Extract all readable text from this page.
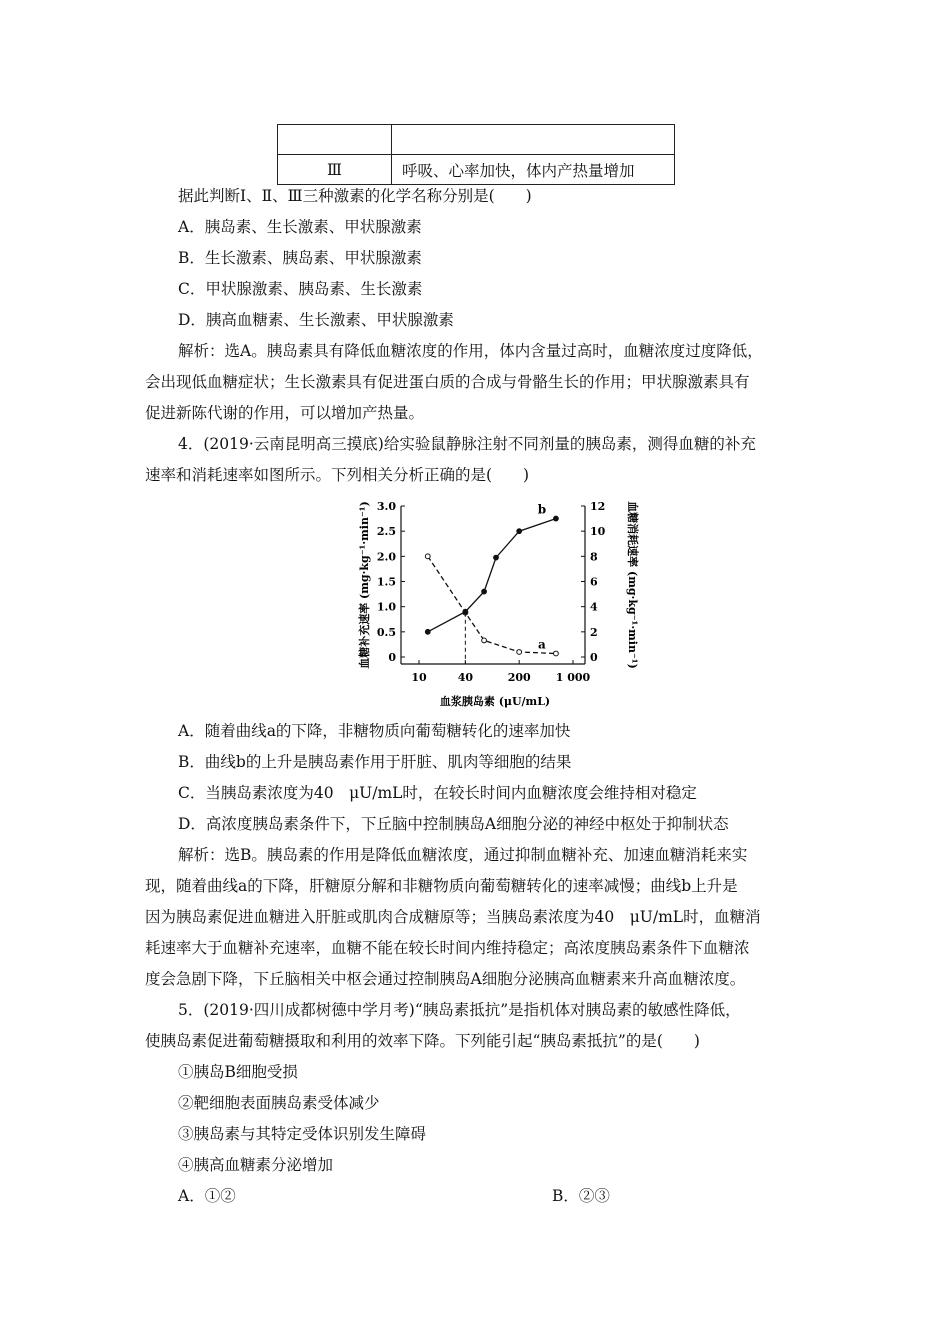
Ⅲ	呼吸、心率加快，体内产热量增加
据此判断Ⅰ、Ⅱ、Ⅲ三种激素的化学名称分别是(　　)
A．胰岛素、生长激素、甲状腺激素
B．生长激素、胰岛素、甲状腺激素
C．甲状腺激素、胰岛素、生长激素
D．胰高血糖素、生长激素、甲状腺激素
解析：选A。胰岛素具有降低血糖浓度的作用，体内含量过高时，血糖浓度过度降低，
会出现低血糖症状；生长激素具有促进蛋白质的合成与骨骼生长的作用；甲状腺激素具有
促进新陈代谢的作用，可以增加产热量。
4．(2019·云南昆明高三摸底)给实验鼠静脉注射不同剂量的胰岛素，测得血糖的补充
速率和消耗速率如图所示。下列相关分析正确的是(　　)
0
0.5
1.0
1.5
2.0
2.5
3.0
0
2
4
6
8
10
12
10	40	200 1 000
a
b
血糖补充速率 (mg·kg⁻¹·min⁻¹)	血糖消耗速率 (mg·kg⁻¹·min⁻¹)
血浆胰岛素 (μU/mL)
A．随着曲线a的下降，非糖物质向葡萄糖转化的速率加快
B．曲线b的上升是胰岛素作用于肝脏、肌肉等细胞的结果
C．当胰岛素浓度为40　μU/mL时，在较长时间内血糖浓度会维持相对稳定
D．高浓度胰岛素条件下，下丘脑中控制胰岛A细胞分泌的神经中枢处于抑制状态
解析：选B。胰岛素的作用是降低血糖浓度，通过抑制血糖补充、加速血糖消耗来实
现，随着曲线a的下降，肝糖原分解和非糖物质向葡萄糖转化的速率减慢；曲线b上升是
因为胰岛素促进血糖进入肝脏或肌肉合成糖原等；当胰岛素浓度为40　μU/mL时，血糖消
耗速率大于血糖补充速率，血糖不能在较长时间内维持稳定；高浓度胰岛素条件下血糖浓
度会急剧下降，下丘脑相关中枢会通过控制胰岛A细胞分泌胰高血糖素来升高血糖浓度。
5．(2019·四川成都树德中学月考)“胰岛素抵抗”是指机体对胰岛素的敏感性降低，
使胰岛素促进葡萄糖摄取和利用的效率下降。下列能引起“胰岛素抵抗”的是(　　)
①胰岛B细胞受损
②靶细胞表面胰岛素受体减少
③胰岛素与其特定受体识别发生障碍
④胰高血糖素分泌增加
A．①②	B．②③
